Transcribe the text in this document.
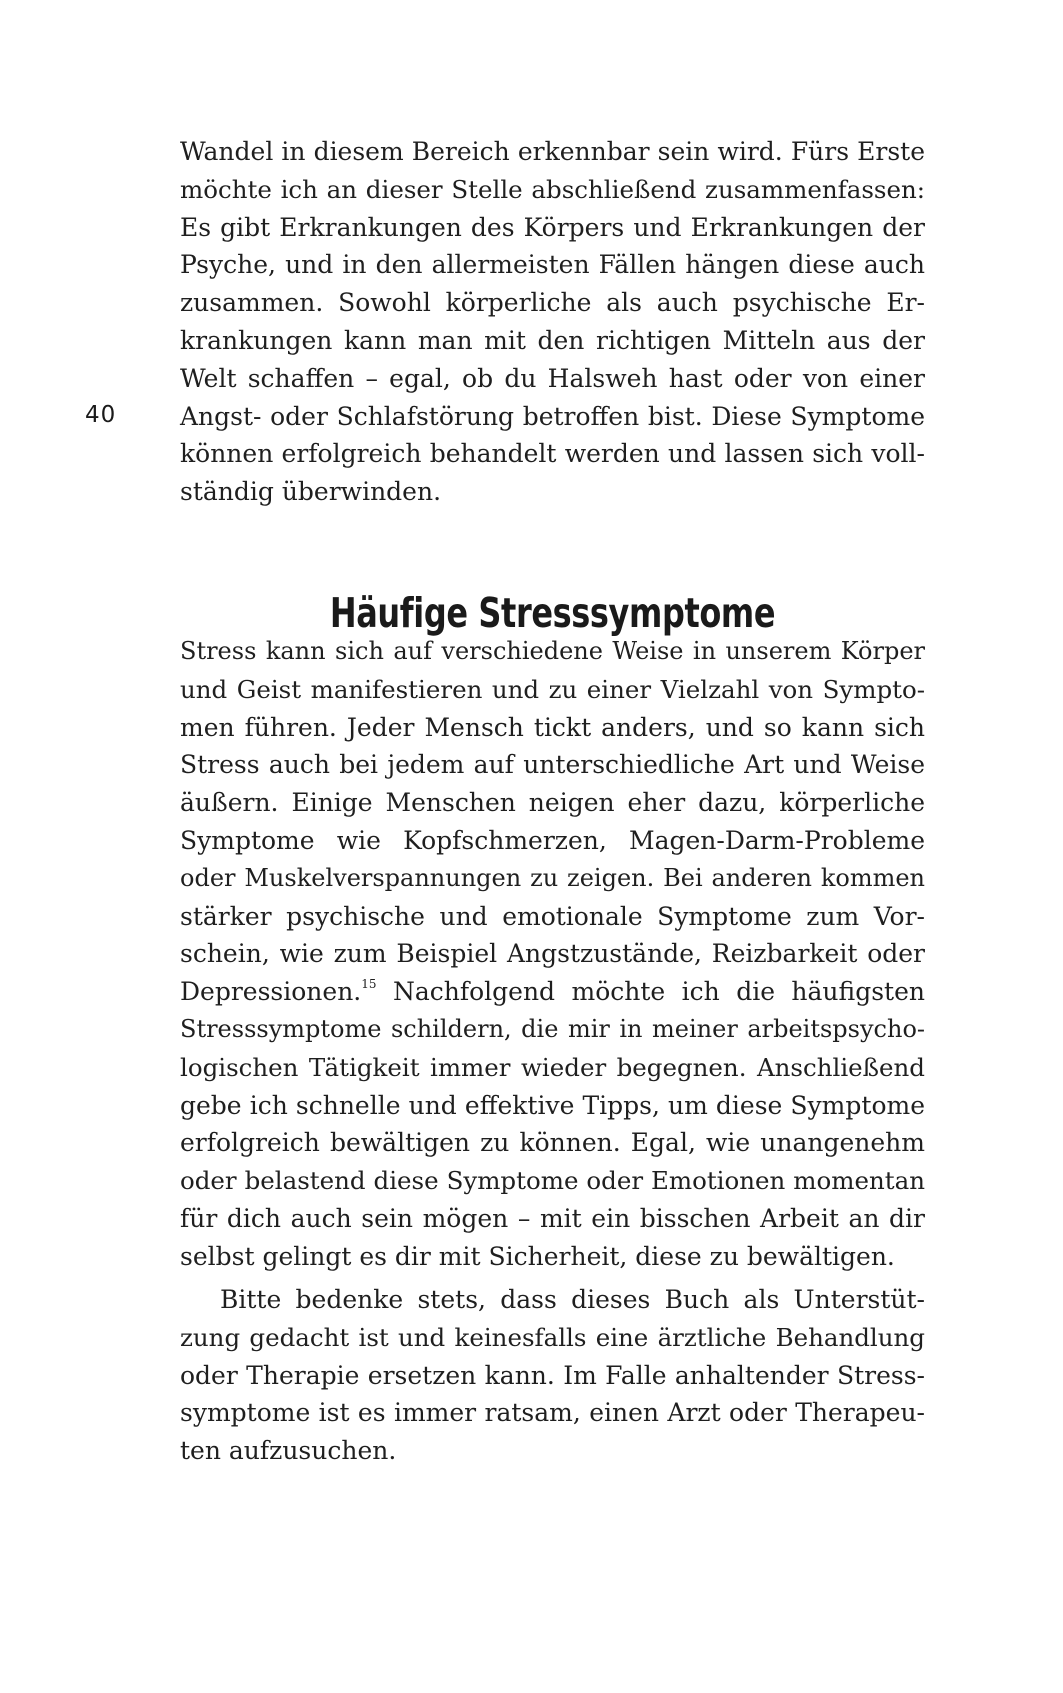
40
Wandel in diesem Bereich erkennbar sein wird. Fürs Erste
möchte ich an dieser Stelle abschließend zusammenfassen:
Es gibt Erkrankungen des Körpers und Erkrankungen der
Psyche, und in den allermeisten Fällen hängen diese auch
zusammen. Sowohl körperliche als auch psychische Er-
krankungen kann man mit den richtigen Mitteln aus der
Welt schaffen – egal, ob du Halsweh hast oder von einer
Angst- oder Schlafstörung betroffen bist. Diese Symptome
können erfolgreich behandelt werden und lassen sich voll-
ständig überwinden.
Häufige Stresssymptome
Stress kann sich auf verschiedene Weise in unserem Körper
und Geist manifestieren und zu einer Vielzahl von Sympto-
men führen. Jeder Mensch tickt anders, und so kann sich
Stress auch bei jedem auf unterschiedliche Art und Weise
äußern. Einige Menschen neigen eher dazu, körperliche
Symptome wie Kopfschmerzen, Magen-Darm-Probleme
oder Muskelverspannungen zu zeigen. Bei anderen kommen
stärker psychische und emotionale Symptome zum Vor-
schein, wie zum Beispiel Angstzustände, Reizbarkeit oder
Depressionen.$^{15}$ Nachfolgend möchte ich die häufigsten
Stresssymptome schildern, die mir in meiner arbeitspsycho-
logischen Tätigkeit immer wieder begegnen. Anschließend
gebe ich schnelle und effektive Tipps, um diese Symptome
erfolgreich bewältigen zu können. Egal, wie unangenehm
oder belastend diese Symptome oder Emotionen momentan
für dich auch sein mögen – mit ein bisschen Arbeit an dir
selbst gelingt es dir mit Sicherheit, diese zu bewältigen.
Bitte bedenke stets, dass dieses Buch als Unterstüt-
zung gedacht ist und keinesfalls eine ärztliche Behandlung
oder Therapie ersetzen kann. Im Falle anhaltender Stress-
symptome ist es immer ratsam, einen Arzt oder Therapeu-
ten aufzusuchen.
